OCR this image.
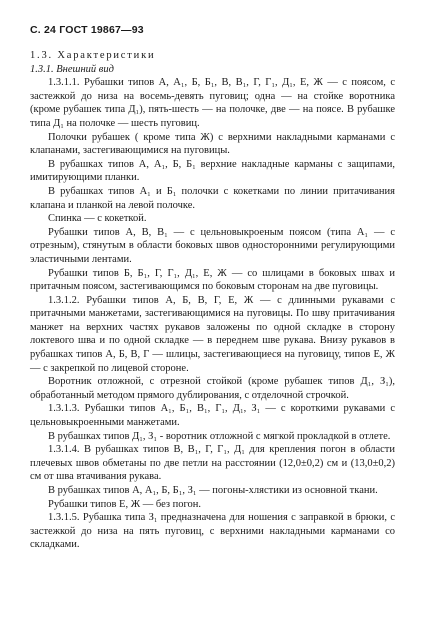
С. 24 ГОСТ 19867—93
1.3. Характеристики
1.3.1. Внешний вид
1.3.1.1. Рубашки типов А, А₁, Б, Б₁, В, В₁, Г, Г₁, Д₁, Е, Ж — с поясом, с застежкой до низа на восемь-девять пуговиц; одна — на стойке воротника (кроме рубашек типа Д₁), пять-шесть — на полочке, две — на поясе. В рубашке типа Д₁ на полочке — шесть пуговиц.
Полочки рубашек ( кроме типа Ж) с верхними накладными карманами с клапанами, застегивающимися на пуговицы.
В рубашках типов А, А₁, Б, Б₁ верхние накладные карманы с защипами, имитирующими планки.
В рубашках типов А₁ и Б₁ полочки с кокетками по линии притачивания клапана и планкой на левой полочке.
Спинка — с кокеткой.
Рубашки типов А, В, В₁ — с цельновыкроеным поясом (типа А₁ — с отрезным), стянутым в области боковых швов односторонними регулирующими эластичными лентами.
Рубашки типов Б, Б₁, Г, Г₁, Д₁, Е, Ж — со шлицами в боковых швах и притачным поясом, застегивающимся по боковым сторонам на две пуговицы.
1.3.1.2. Рубашки типов А, Б, В, Г, Е, Ж — с длинными рукавами с притачными манжетами, застегивающимися на пуговицы. По шву притачивания манжет на верхних частях рукавов заложены по одной складке в сторону локтевого шва и по одной складке — в переднем шве рукава. Внизу рукавов в рубашках типов А, Б, В, Г — шлицы, застегивающиеся на пуговицу, типов Е, Ж — с закрепкой по лицевой стороне.
Воротник отложной, с отрезной стойкой (кроме рубашек типов Д₁, З₁), обработанный методом прямого дублирования, с отделочной строчкой.
1.3.1.3. Рубашки типов А₁, Б₁, В₁, Г₁, Д₁, З₁ — с короткими рукавами с цельновыкроенными манжетами.
В рубашках типов Д₁, З₁ - воротник отложной с мягкой прокладкой в отлете.
1.3.1.4. В рубашках типов В, В₁, Г, Г₁, Д₁ для крепления погон в области плечевых швов обметаны по две петли на расстоянии (12,0±0,2) см и (13,0±0,2) см от шва втачивания рукава.
В рубашках типов А, А₁, Б, Б₁, З₁ — погоны-хлястики из основной ткани.
Рубашки типов Е, Ж — без погон.
1.3.1.5. Рубашка типа З₁ предназначена для ношения с заправкой в брюки, с застежкой до низа на пять пуговиц, с верхними накладными карманами со складками.
